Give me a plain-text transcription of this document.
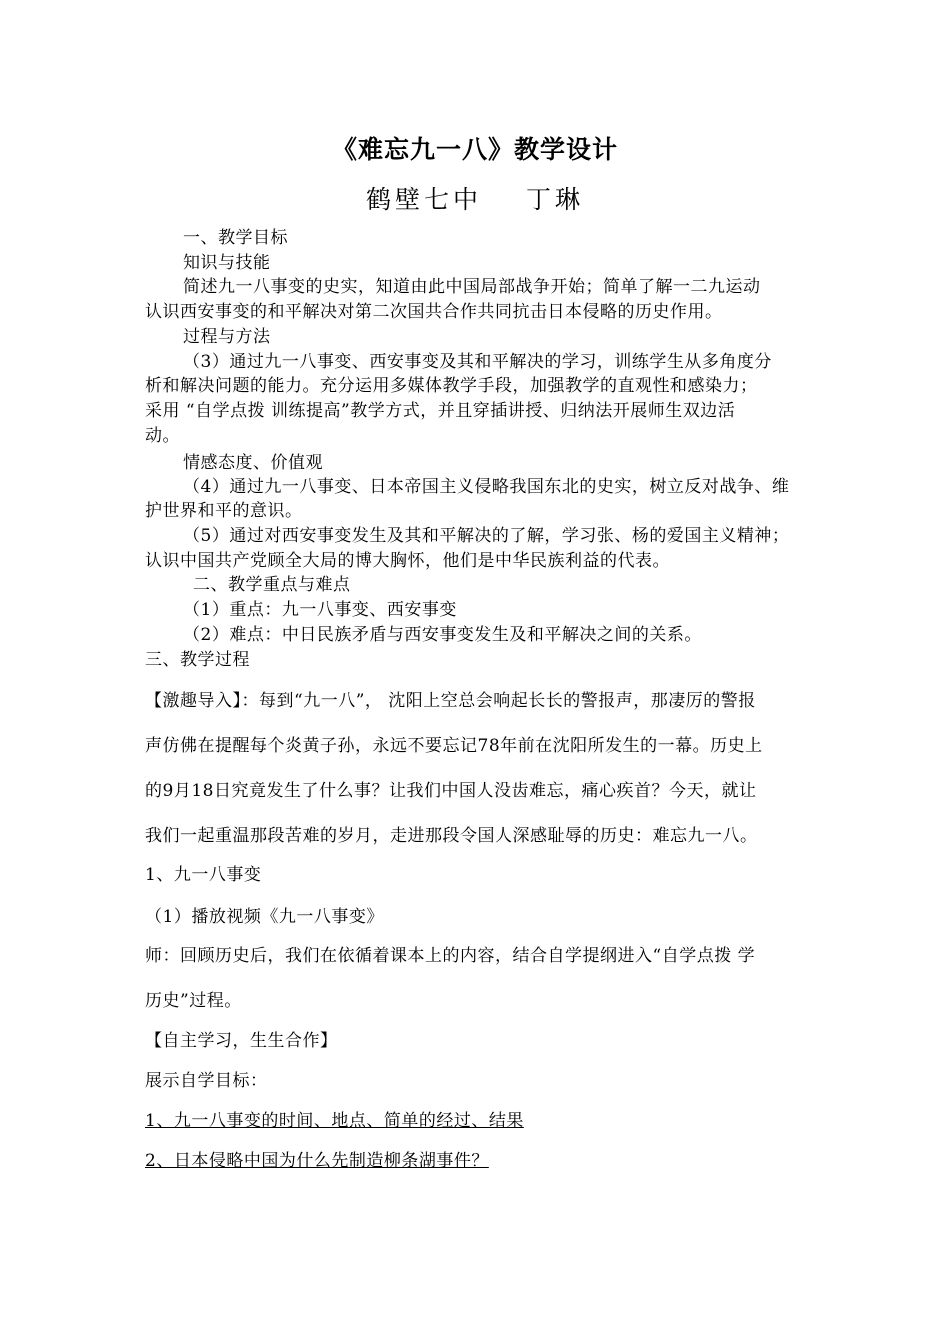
《难忘九一八》教学设计
鹤壁七中 丁琳
一、教学目标
知识与技能
简述九一八事变的史实，知道由此中国局部战争开始；简单了解一二九运动
认识西安事变的和平解决对第二次国共合作共同抗击日本侵略的历史作用。
过程与方法
（3）通过九一八事变、西安事变及其和平解决的学习，训练学生从多角度分
析和解决问题的能力。充分运用多媒体教学手段，加强教学的直观性和感染力；
采用 “自学点拨 训练提高”教学方式，并且穿插讲授、归纳法开展师生双边活
动。
情感态度、价值观
（4）通过九一八事变、日本帝国主义侵略我国东北的史实，树立反对战争、维
护世界和平的意识。
（5）通过对西安事变发生及其和平解决的了解，学习张、杨的爱国主义精神；
认识中国共产党顾全大局的博大胸怀，他们是中华民族利益的代表。
二、教学重点与难点
（1）重点：九一八事变、西安事变
（2）难点：中日民族矛盾与西安事变发生及和平解决之间的关系。
三、教学过程
【激趣导入】：每到“九一八”， 沈阳上空总会响起长长的警报声，那凄厉的警报
声仿佛在提醒每个炎黄子孙，永远不要忘记78年前在沈阳所发生的一幕。历史上
的9月18日究竟发生了什么事？让我们中国人没齿难忘，痛心疾首？今天，就让
我们一起重温那段苦难的岁月，走进那段令国人深感耻辱的历史：难忘九一八。
1、九一八事变
（1）播放视频《九一八事变》
师：回顾历史后，我们在依循着课本上的内容，结合自学提纲进入“自学点拨 学
历史”过程。
【自主学习，生生合作】
展示自学目标：
1、九一八事变的时间、地点、简单的经过、结果
2、日本侵略中国为什么先制造柳条湖事件？
